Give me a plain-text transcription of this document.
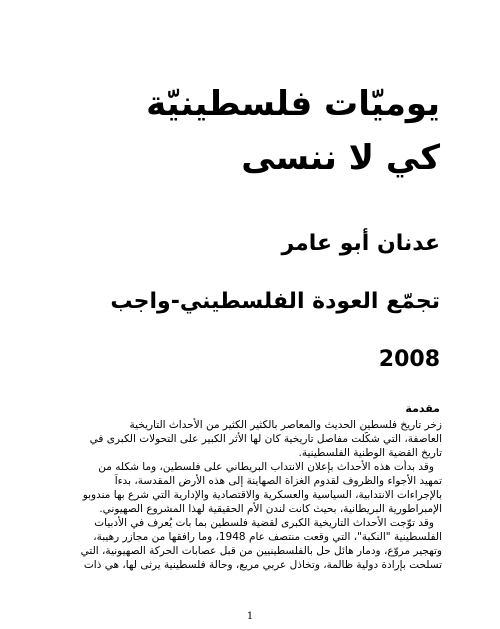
يوميّات فلسطينيّة
كي لا ننسى
عدنان أبو عامر
تجمّع العودة الفلسطيني-واجب
2008
مقدمة
زخر تاريخ فلسطين الحديث والمعاصر بالكثير الكثير من الأحداث التاريخية
العاصفة، التي شكّلت مفاصل تاريخية كان لها الأثر الكبير على التحولات الكبرى في
تاريخ القضية الوطنية الفلسطينية.
وقد بدأت هذه الأحداث بإعلان الانتداب البريطاني على فلسطين، وما شكله من
تمهيد الأجواء والظروف لقدوم الغزاة الصهاينة إلى هذه الأرض المقدسة، بدءاً
بالإجراءات الانتدابية، السياسية والعسكرية والاقتصادية والإدارية التي شرع بها مندوبو
الإمبراطورية البريطانية، بحيث كانت لندن الأم الحقيقية لهذا المشروع الصهيوني.
وقد توّجت الأحداث التاريخية الكبرى لقضية فلسطين بما بات يُعرف في الأدبيات
الفلسطينية "النكبة"، التي وقعت منتصف عام 1948، وما رافقها من مجازر رهيبة،
وتهجير مروّع، ودمار هائل حل بالفلسطينيين من قبل عصابات الحركة الصهيونية، التي
تسلحت بإرادة دولية ظالمة، وتخاذل عربي مريع، وحالة فلسطينية يرثى لها، هي ذات
1
